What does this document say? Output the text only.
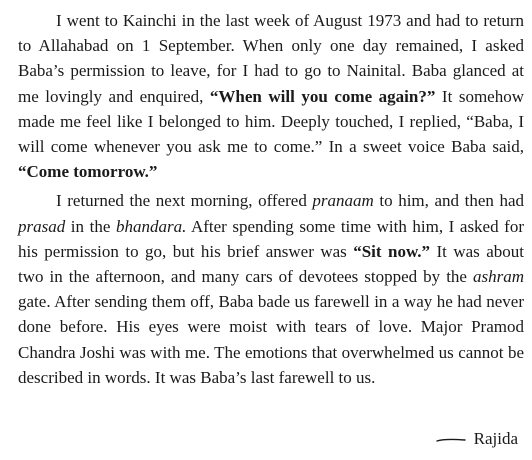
I went to Kainchi in the last week of August 1973 and had to return to Allahabad on 1 September. When only one day remained, I asked Baba’s permission to leave, for I had to go to Nainital. Baba glanced at me lovingly and enquired, “When will you come again?” It somehow made me feel like I belonged to him. Deeply touched, I replied, “Baba, I will come whenever you ask me to come.” In a sweet voice Baba said, “Come tomorrow.”

I returned the next morning, offered pranaam to him, and then had prasad in the bhandara. After spending some time with him, I asked for his permission to go, but his brief answer was “Sit now.” It was about two in the afternoon, and many cars of devotees stopped by the ashram gate. After sending them off, Baba bade us farewell in a way he had never done before. His eyes were moist with tears of love. Major Pramod Chandra Joshi was with me. The emotions that overwhelmed us cannot be described in words. It was Baba’s last farewell to us.

Rajida
